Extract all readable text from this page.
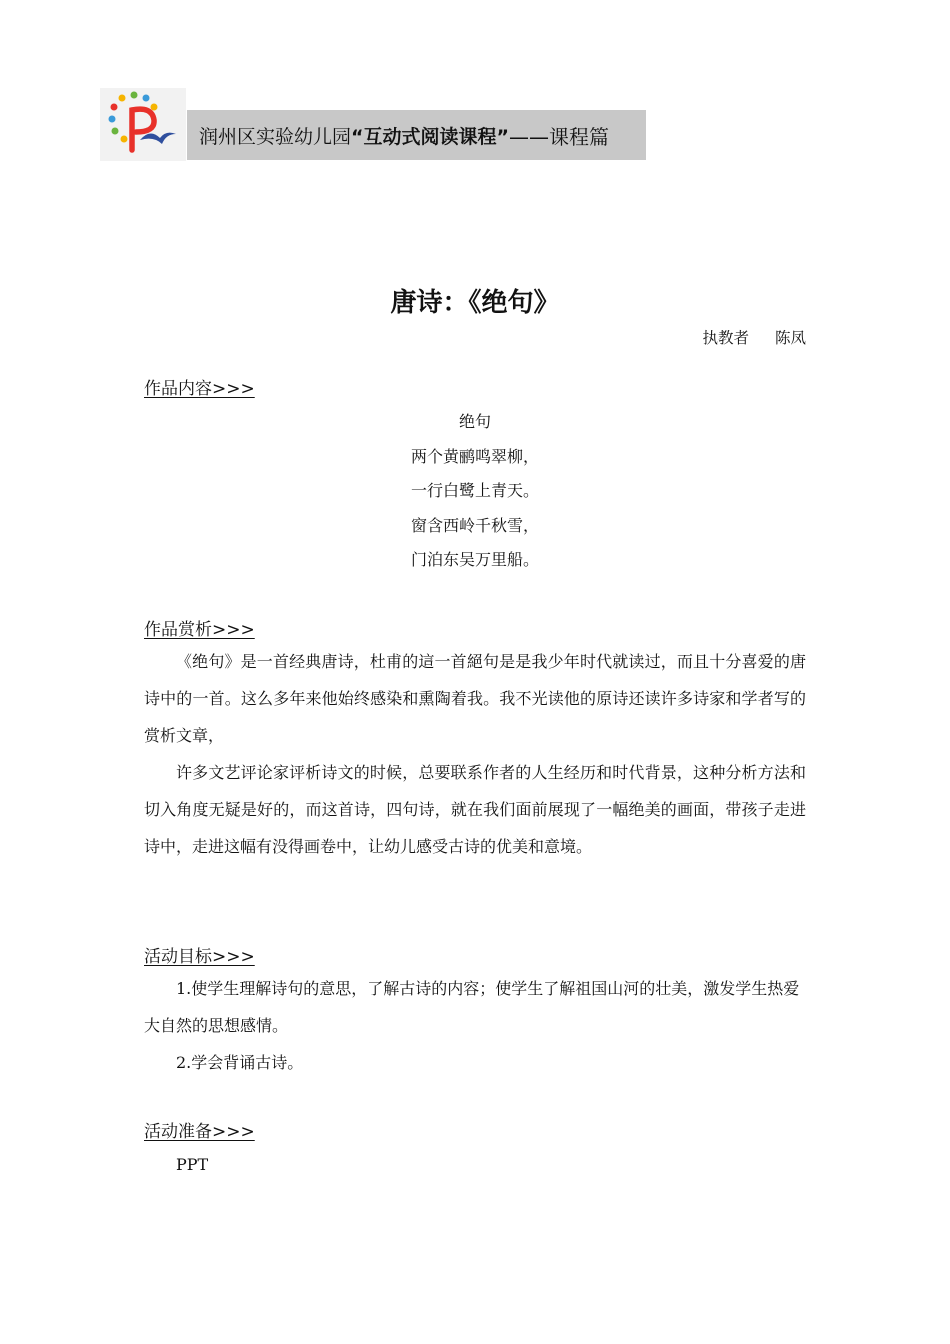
润州区实验幼儿园 “互动式阅读课程” ——课程篇
唐诗：《绝句》
执教者 陈凤
作品内容>>>
绝句
两个黄鹂鸣翠柳，
一行白鹭上青天。
窗含西岭千秋雪，
门泊东吴万里船。
作品赏析>>>

《绝句》是一首经典唐诗，杜甫的這一首絕句是是我少年时代就读过，而且十分喜爱的唐诗中的一首。这么多年来他始终感染和熏陶着我。我不光读他的原诗还读许多诗家和学者写的赏析文章，

许多文艺评论家评析诗文的时候，总要联系作者的人生经历和时代背景，这种分析方法和切入角度无疑是好的，而这首诗，四句诗，就在我们面前展现了一幅绝美的画面，带孩子走进诗中，走进这幅有没得画卷中，让幼儿感受古诗的优美和意境。

活动目标>>>

1.使学生理解诗句的意思，了解古诗的内容；使学生了解祖国山河的壮美，激发学生热爱大自然的思想感情。

2.学会背诵古诗。

活动准备>>>

PPT
